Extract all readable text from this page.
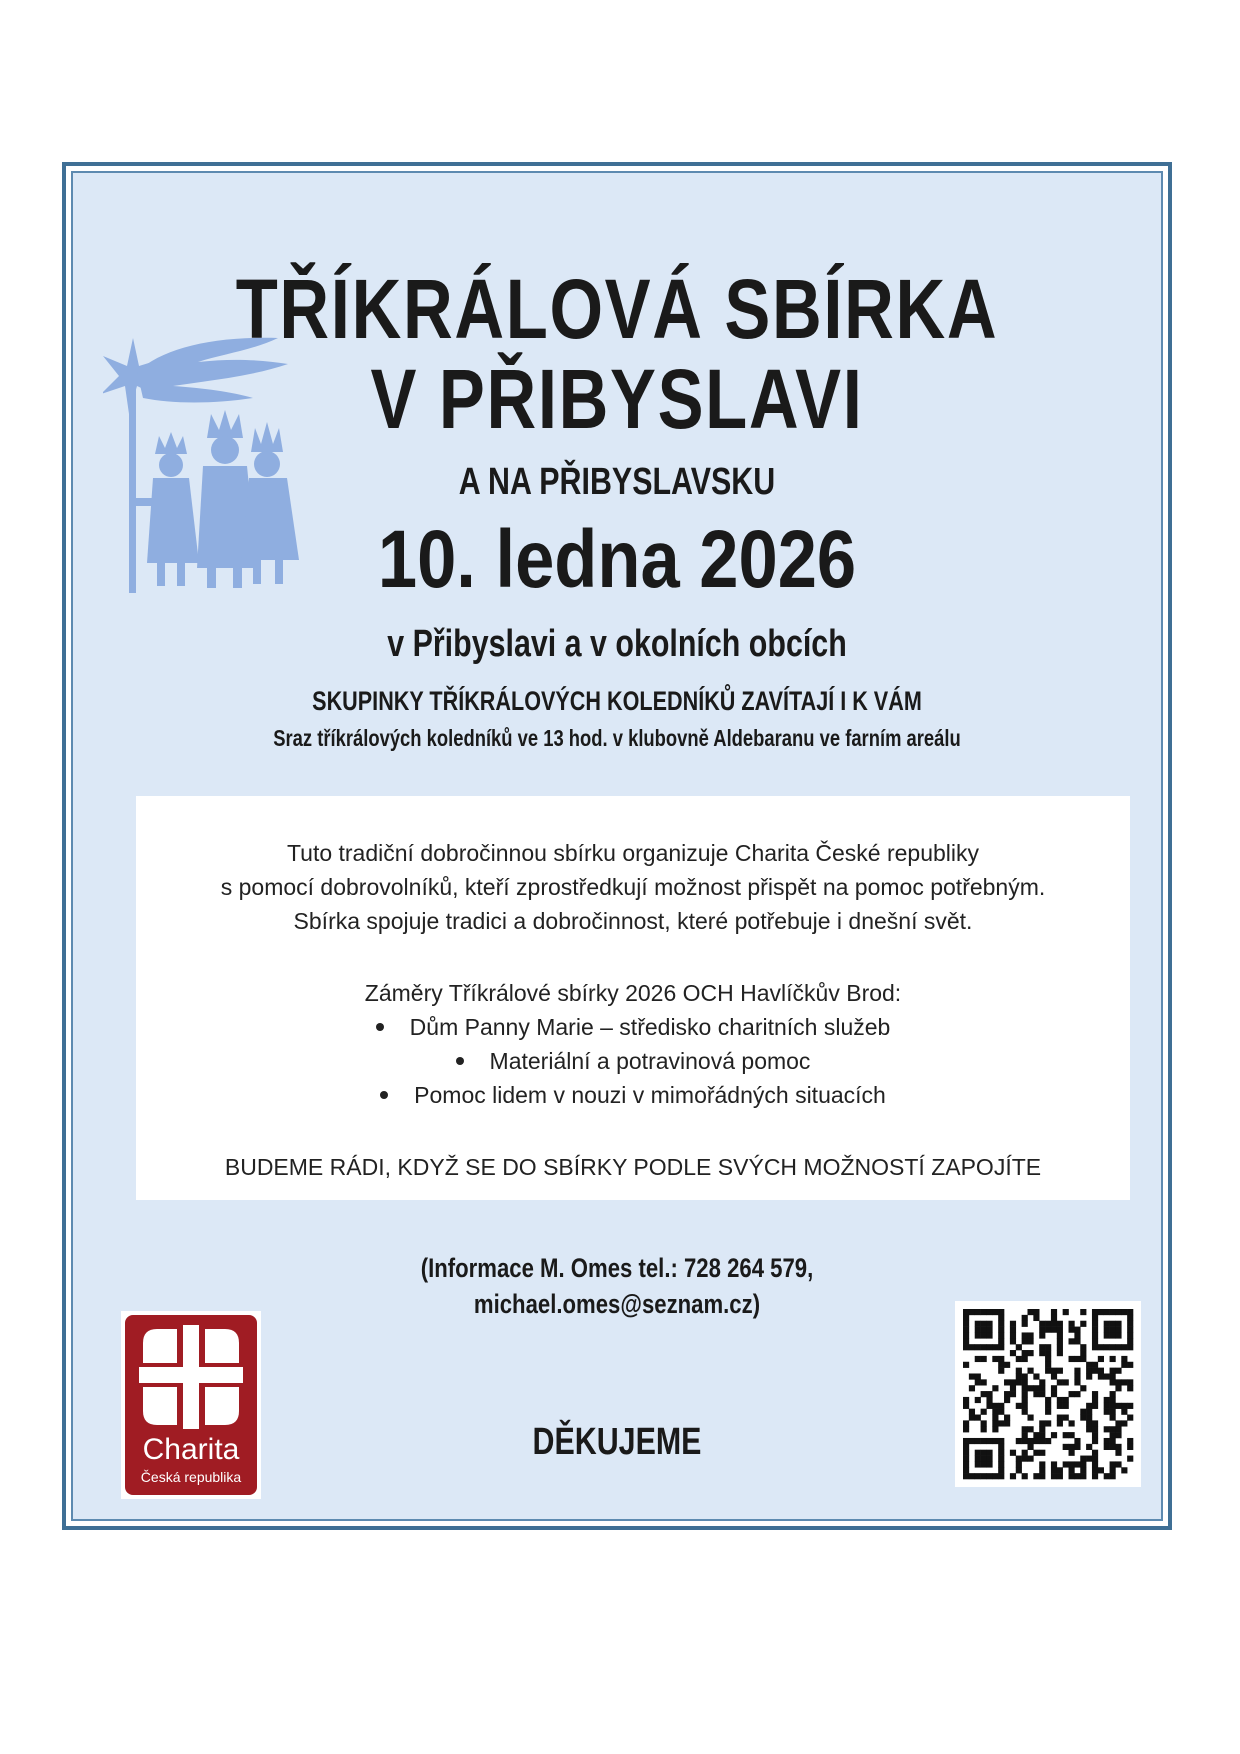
TŘÍKRÁLOVÁ SBÍRKA
V PŘIBYSLAVI
A NA PŘIBYSLAVSKU
10. ledna 2026
v Přibyslavi a v okolních obcích
SKUPINKY TŘÍKRÁLOVÝCH KOLEDNÍKŮ ZAVÍTAJÍ I K VÁM
Sraz tříkrálových koledníků ve 13 hod. v klubovně Aldebaranu ve farním areálu
Tuto tradiční dobročinnou sbírku organizuje Charita České republiky
s pomocí dobrovolníků, kteří zprostředkují možnost přispět na pomoc potřebným.
Sbírka spojuje tradici a dobročinnost, které potřebuje i dnešní svět.
Záměry Tříkrálové sbírky 2026 OCH Havlíčkův Brod:
Dům Panny Marie – středisko charitních služeb
Materiální a potravinová pomoc
Pomoc lidem v nouzi v mimořádných situacích
BUDEME RÁDI, KDYŽ SE DO SBÍRKY PODLE SVÝCH MOŽNOSTÍ ZAPOJÍTE
(Informace M. Omes tel.: 728 264 579,
michael.omes@seznam.cz)
DĚKUJEME
Charita
Česká republika
